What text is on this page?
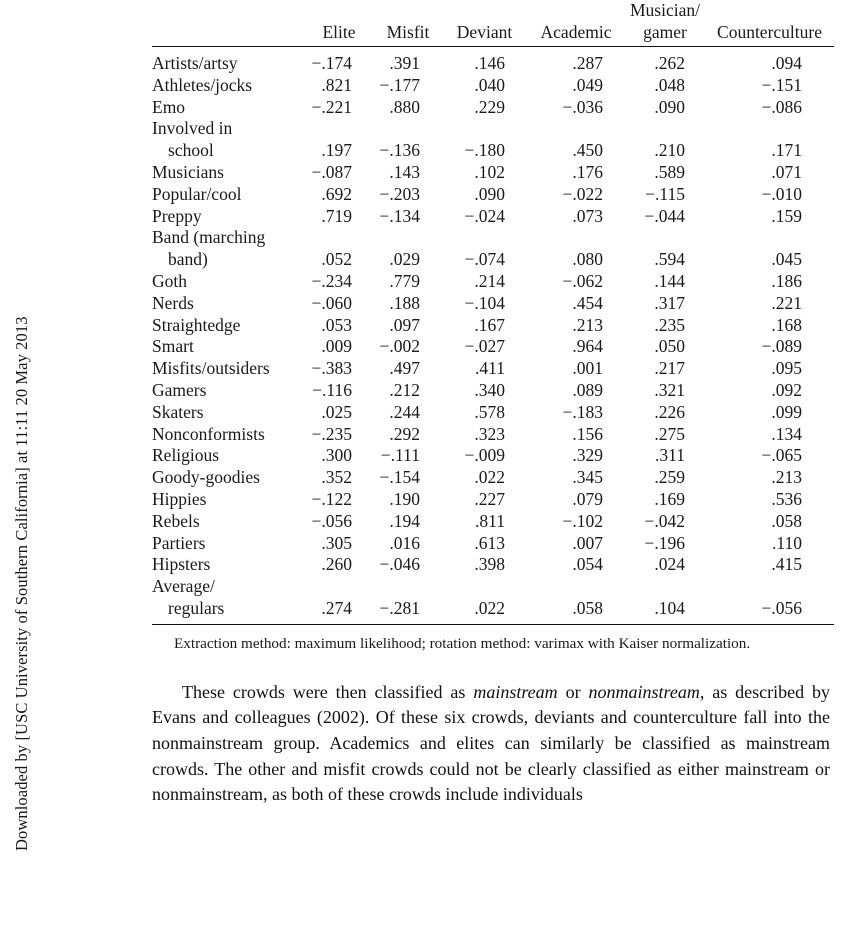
Downloaded by [USC University of Southern California] at 11:11 20 May 2013

	Elite	Misfit	Deviant	Academic	Musician/
gamer	Counterculture

Artists/artsy	−.174	.391	.146	.287	.262	.094
Athletes/jocks	.821	−.177	.040	.049	.048	−.151
Emo	−.221	.880	.229	−.036	.090	−.086
Involved in
school	.197	−.136	−.180	.450	.210	.171
Musicians	−.087	.143	.102	.176	.589	.071
Popular/cool	.692	−.203	.090	−.022	−.115	−.010
Preppy	.719	−.134	−.024	.073	−.044	.159
Band (marching
band)	.052	.029	−.074	.080	.594	.045
Goth	−.234	.779	.214	−.062	.144	.186
Nerds	−.060	.188	−.104	.454	.317	.221
Straightedge	.053	.097	.167	.213	.235	.168
Smart	.009	−.002	−.027	.964	.050	−.089
Misfits/outsiders	−.383	.497	.411	.001	.217	.095
Gamers	−.116	.212	.340	.089	.321	.092
Skaters	.025	.244	.578	−.183	.226	.099
Nonconformists	−.235	.292	.323	.156	.275	.134
Religious	.300	−.111	−.009	.329	.311	−.065
Goody-goodies	.352	−.154	.022	.345	.259	.213
Hippies	−.122	.190	.227	.079	.169	.536
Rebels	−.056	.194	.811	−.102	−.042	.058
Partiers	.305	.016	.613	.007	−.196	.110
Hipsters	.260	−.046	.398	.054	.024	.415
Average/
regulars	.274	−.281	.022	.058	.104	−.056
Extraction method: maximum likelihood; rotation method: varimax with Kaiser normalization.

These crowds were then classified as mainstream or nonmainstream, as described by Evans and colleagues (2002). Of these six crowds, deviants and counterculture fall into the nonmainstream group. Academics and elites can similarly be classified as mainstream crowds. The other and misfit crowds could not be clearly classified as either mainstream or nonmainstream, as both of these crowds include individuals
